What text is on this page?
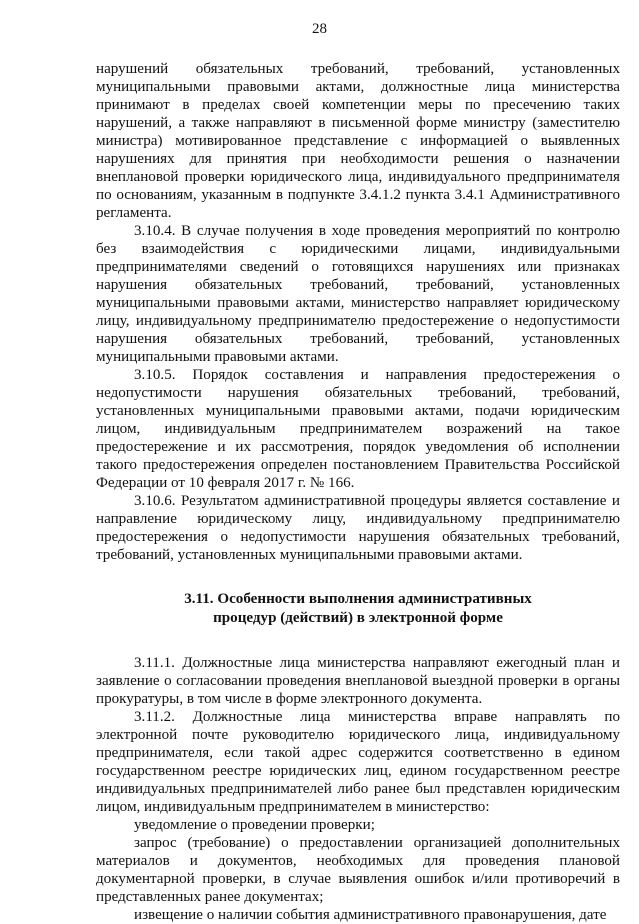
28

нарушений обязательных требований, требований, установленных муниципальными правовыми актами, должностные лица министерства принимают в пределах своей компетенции меры по пресечению таких нарушений, а также направляют в письменной форме министру (заместителю министра) мотивированное представление с информацией о выявленных нарушениях для принятия при необходимости решения о назначении внеплановой проверки юридического лица, индивидуального предпринимателя по основаниям, указанным в подпункте 3.4.1.2 пункта 3.4.1 Административного регламента.

3.10.4. В случае получения в ходе проведения мероприятий по контролю без взаимодействия с юридическими лицами, индивидуальными предпринимателями сведений о готовящихся нарушениях или признаках нарушения обязательных требований, требований, установленных муниципальными правовыми актами, министерство направляет юридическому лицу, индивидуальному предпринимателю предостережение о недопустимости нарушения обязательных требований, требований, установленных муниципальными правовыми актами.

3.10.5. Порядок составления и направления предостережения о недопустимости нарушения обязательных требований, требований, установленных муниципальными правовыми актами, подачи юридическим лицом, индивидуальным предпринимателем возражений на такое предостережение и их рассмотрения, порядок уведомления об исполнении такого предостережения определен постановлением Правительства Российской Федерации от 10 февраля 2017 г. № 166.

3.10.6. Результатом административной процедуры является составление и направление юридическому лицу, индивидуальному предпринимателю предостережения о недопустимости нарушения обязательных требований, требований, установленных муниципальными правовыми актами.

3.11. Особенности выполнения административных
процедур (действий) в электронной форме

3.11.1. Должностные лица министерства направляют ежегодный план и заявление о согласовании проведения внеплановой выездной проверки в органы прокуратуры, в том числе в форме электронного документа.

3.11.2. Должностные лица министерства вправе направлять по электронной почте руководителю юридического лица, индивидуальному предпринимателя, если такой адрес содержится соответственно в едином государственном реестре юридических лиц, едином государственном реестре индивидуальных предпринимателей либо ранее был представлен юридическим лицом, индивидуальным предпринимателем в министерство:

уведомление о проведении проверки;

запрос (требование) о предоставлении организацией дополнительных материалов и документов, необходимых для проведения плановой документарной проверки, в случае выявления ошибок и/или противоречий в представленных ранее документах;

извещение о наличии события административного правонарушения, дате
